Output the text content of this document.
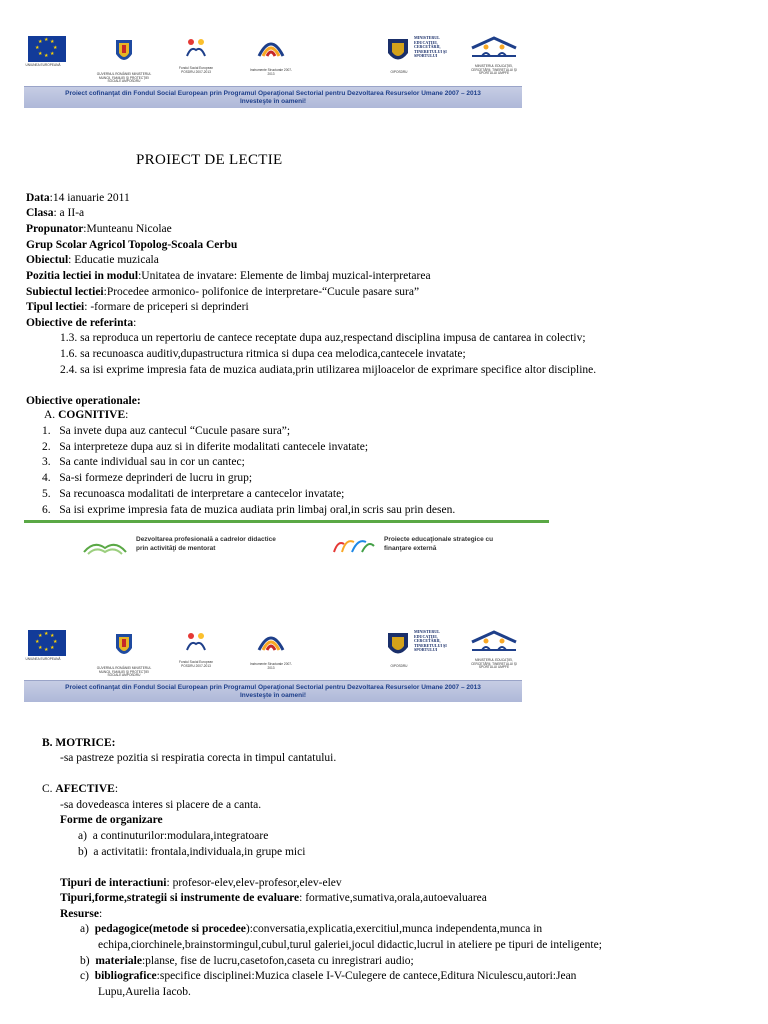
★ ★
★
★
★
★
★
★
UNIUNEA EUROPEANĂ
GUVERNUL ROMÂNIEI MINISTERUL MUNCII, FAMILIEI ŞI PROTECŢIEI SOCIALE AMPOSDRU
Fondul Social European POSDRU 2007-2013	Instrumente Structurale 2007-2013
MINISTERUL EDUCAŢIEI, CERCETĂRII, TINERETULUI ŞI SPORTULUI
OIPOSDRU
MINISTERUL EDUCAŢIEI, CERCETĂRII, TINERETULUI ŞI SPORTULUI UMPFE
Proiect cofinanţat din Fondul Social European prin Programul Operaţional Sectorial pentru Dezvoltarea Resurselor Umane 2007 – 2013
Investeşte în oameni!
PROIECT DE LECTIE
Data:14 ianuarie 2011
Clasa: a II-a
Propunator:Munteanu Nicolae
Grup Scolar Agricol Topolog-Scoala Cerbu
Obiectul: Educatie muzicala
Pozitia lectiei in modul:Unitatea de invatare: Elemente de limbaj muzical-interpretarea
Subiectul lectiei:Procedee armonico- polifonice de interpretare-“Cucule pasare sura”
Tipul lectiei: -formare de priceperi si deprinderi
Obiective de referinta:
1.3. sa reproduca un repertoriu de cantece receptate dupa auz,respectand disciplina impusa de cantarea in colectiv;
1.6. sa recunoasca auditiv,dupastructura ritmica si dupa cea melodica,cantecele invatate;
2.4. sa isi exprime impresia fata de muzica audiata,prin utilizarea mijloacelor de exprimare specifice altor discipline.
Obiective operationale:
A. COGNITIVE:
1. Sa invete dupa auz cantecul “Cucule pasare sura”;
2. Sa interpreteze dupa auz si in diferite modalitati cantecele invatate;
3. Sa cante individual sau in cor un cantec;
4. Sa-si formeze deprinderi de lucru in grup;
5. Sa recunoasca modalitati de interpretare a cantecelor invatate;
6. Sa isi exprime impresia fata de muzica audiata prin limbaj oral,in scris sau prin desen.
Dezvoltarea profesională a cadrelor didactice prin activităţi de mentorat
Proiecte educaţionale strategice cu finanţare externă
★ ★
★
★
★
★
★
★
UNIUNEA EUROPEANĂ
GUVERNUL ROMÂNIEI MINISTERUL MUNCII, FAMILIEI ŞI PROTECŢIEI SOCIALE AMPOSDRU
Fondul Social European POSDRU 2007-2013	Instrumente Structurale 2007-2013
MINISTERUL EDUCAŢIEI, CERCETĂRII, TINERETULUI ŞI SPORTULUI
OIPOSDRU
MINISTERUL EDUCAŢIEI, CERCETĂRII, TINERETULUI ŞI SPORTULUI UMPFE
Proiect cofinanţat din Fondul Social European prin Programul Operaţional Sectorial pentru Dezvoltarea Resurselor Umane 2007 – 2013
Investeşte în oameni!
B. MOTRICE:
-sa pastreze pozitia si respiratia corecta in timpul cantatului.
C. AFECTIVE:
-sa dovedeasca interes si placere de a canta.
Forme de organizare
a) a continuturilor:modulara,integratoare
b) a activitatii: frontala,individuala,in grupe mici
Tipuri de interactiuni: profesor-elev,elev-profesor,elev-elev
Tipuri,forme,strategii si instrumente de evaluare: formative,sumativa,orala,autoevaluarea
Resurse:
a) pedagogice(metode si procedee):conversatia,explicatia,exercitiul,munca independenta,munca in
echipa,ciorchinele,brainstormingul,cubul,turul galeriei,jocul didactic,lucrul in ateliere pe tipuri de inteligente;
b) materiale:planse, fise de lucru,casetofon,caseta cu inregistrari audio;
c) bibliografice:specifice disciplinei:Muzica clasele I-V-Culegere de cantece,Editura Niculescu,autori:Jean
Lupu,Aurelia Iacob.
